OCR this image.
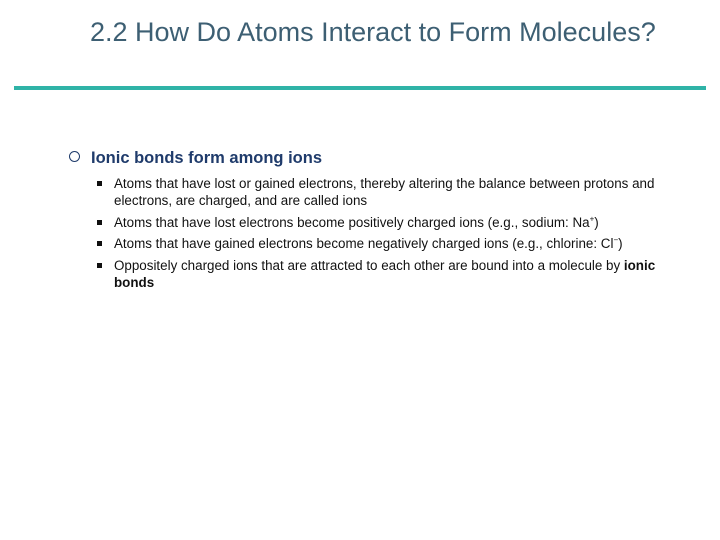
2.2 How Do Atoms Interact to Form Molecules?
Ionic bonds form among ions
Atoms that have lost or gained electrons, thereby altering the balance between protons and electrons, are charged, and are called ions
Atoms that have lost electrons become positively charged ions (e.g., sodium: Na+)
Atoms that have gained electrons become negatively charged ions (e.g., chlorine: Cl−)
Oppositely charged ions that are attracted to each other are bound into a molecule by ionic bonds
